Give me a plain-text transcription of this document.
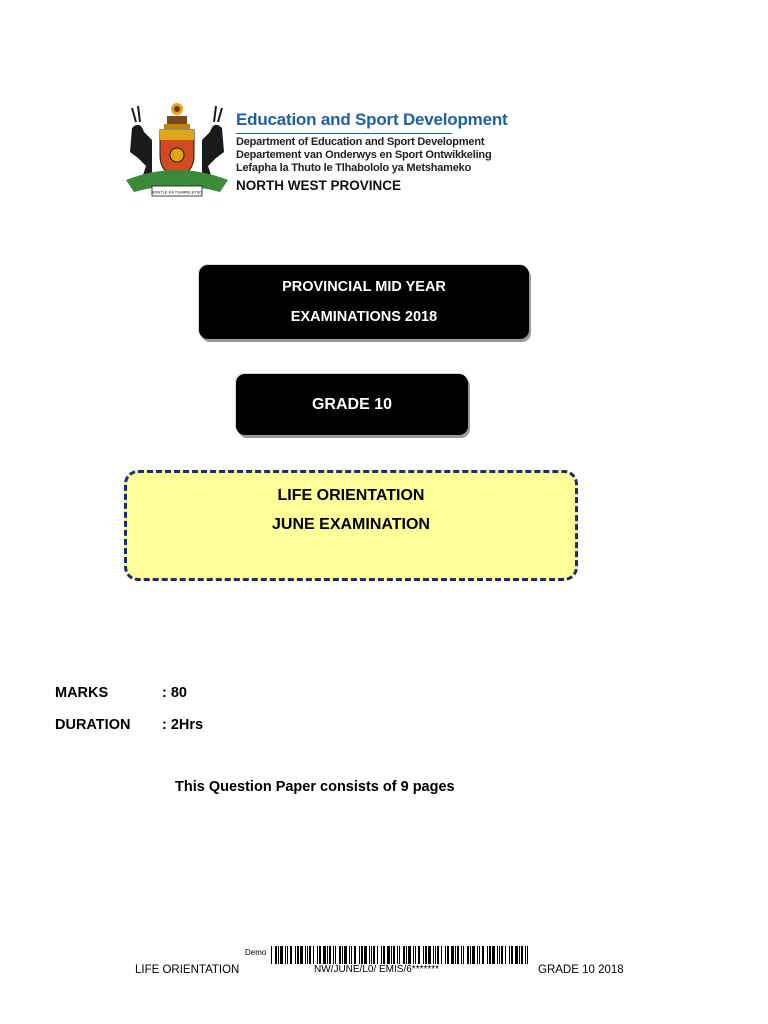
BONTLE KA TSHIRELETSO
Education and Sport Development
Department of Education and Sport Development
Departement van Onderwys en Sport Ontwikkeling
Lefapha la Thuto le Tlhabololo ya Metshameko
NORTH WEST PROVINCE
PROVINCIAL MID YEAR
EXAMINATIONS 2018
GRADE 10
LIFE ORIENTATION
JUNE EXAMINATION
MARKS	: 80
DURATION : 2Hrs
This Question Paper consists of 9 pages
Demo
LIFE ORIENTATION	NW/JUNE/L0/ EMIS/6*******	GRADE 10 2018
